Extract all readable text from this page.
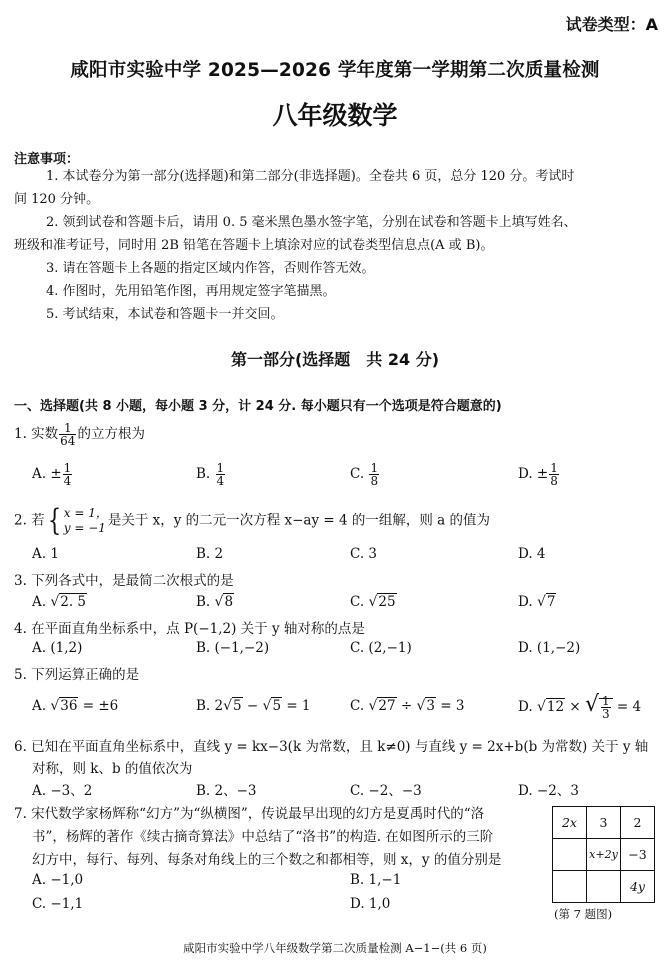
试卷类型：A
咸阳市实验中学 2025—2026 学年度第一学期第二次质量检测
八年级数学
注意事项：
1. 本试卷分为第一部分(选择题)和第二部分(非选择题)。全卷共 6 页，总分 120 分。考试时
间 120 分钟。
2. 领到试卷和答题卡后，请用 0. 5 毫米黑色墨水签字笔，分别在试卷和答题卡上填写姓名、
班级和准考证号，同时用 2B 铅笔在答题卡上填涂对应的试卷类型信息点(A 或 B)。
3. 请在答题卡上各题的指定区域内作答，否则作答无效。
4. 作图时，先用铅笔作图，再用规定签字笔描黑。
5. 考试结束，本试卷和答题卡一并交回。
第一部分(选择题　共 24 分)
一、选择题(共 8 小题，每小题 3 分，计 24 分. 每小题只有一个选项是符合题意的)
1. 实数 $\frac{1}{64}$ 的立方根为
A. ± $\frac{1}{4}$	B. $\frac{1}{4}$	C. $\frac{1}{8}$	D. ± $\frac{1}{8}$
2. 若{ x = 1，
y = −1 是关于 x，y 的二元一次方程 x−ay = 4 的一组解，则 a 的值为
A. 1	B. 2	C. 3	D. 4
3. 下列各式中，是最简二次根式的是
A. √2. 5	B. √8	C. √25	D. √7
4. 在平面直角坐标系中，点 P(−1,2) 关于 y 轴对称的点是
A. (1,2)	B. (−1,−2)	C. (2,−1)	D. (1,−2)
5. 下列运算正确的是
A. √36 = ±6	B. 2√5 − √5 = 1	C. √27 ÷ √3 = 3	D. √12 × √ $\frac{1}{3} = 4$
6. 已知在平面直角坐标系中，直线 y = kx−3(k 为常数，且 k≠0) 与直线 y = 2x+b(b 为常数) 关于 y 轴
对称，则 k、b 的值依次为
A. −3、2	B. 2、−3	C. −2、−3	D. −2、3
7. 宋代数学家杨辉称“幻方”为“纵横图”，传说最早出现的幻方是夏禹时代的“洛
书”，杨辉的著作《续古摘奇算法》中总结了“洛书”的构造. 在如图所示的三阶
幻方中，每行、每列、每条对角线上的三个数之和都相等，则 x，y 的值分别是
A. −1,0	B. 1,−1
C. −1,1	D. 1,0
2x	3	2
	x+2y	−3
		4y
(第 7 题图)
咸阳市实验中学八年级数学第二次质量检测 A−1−(共 6 页)
